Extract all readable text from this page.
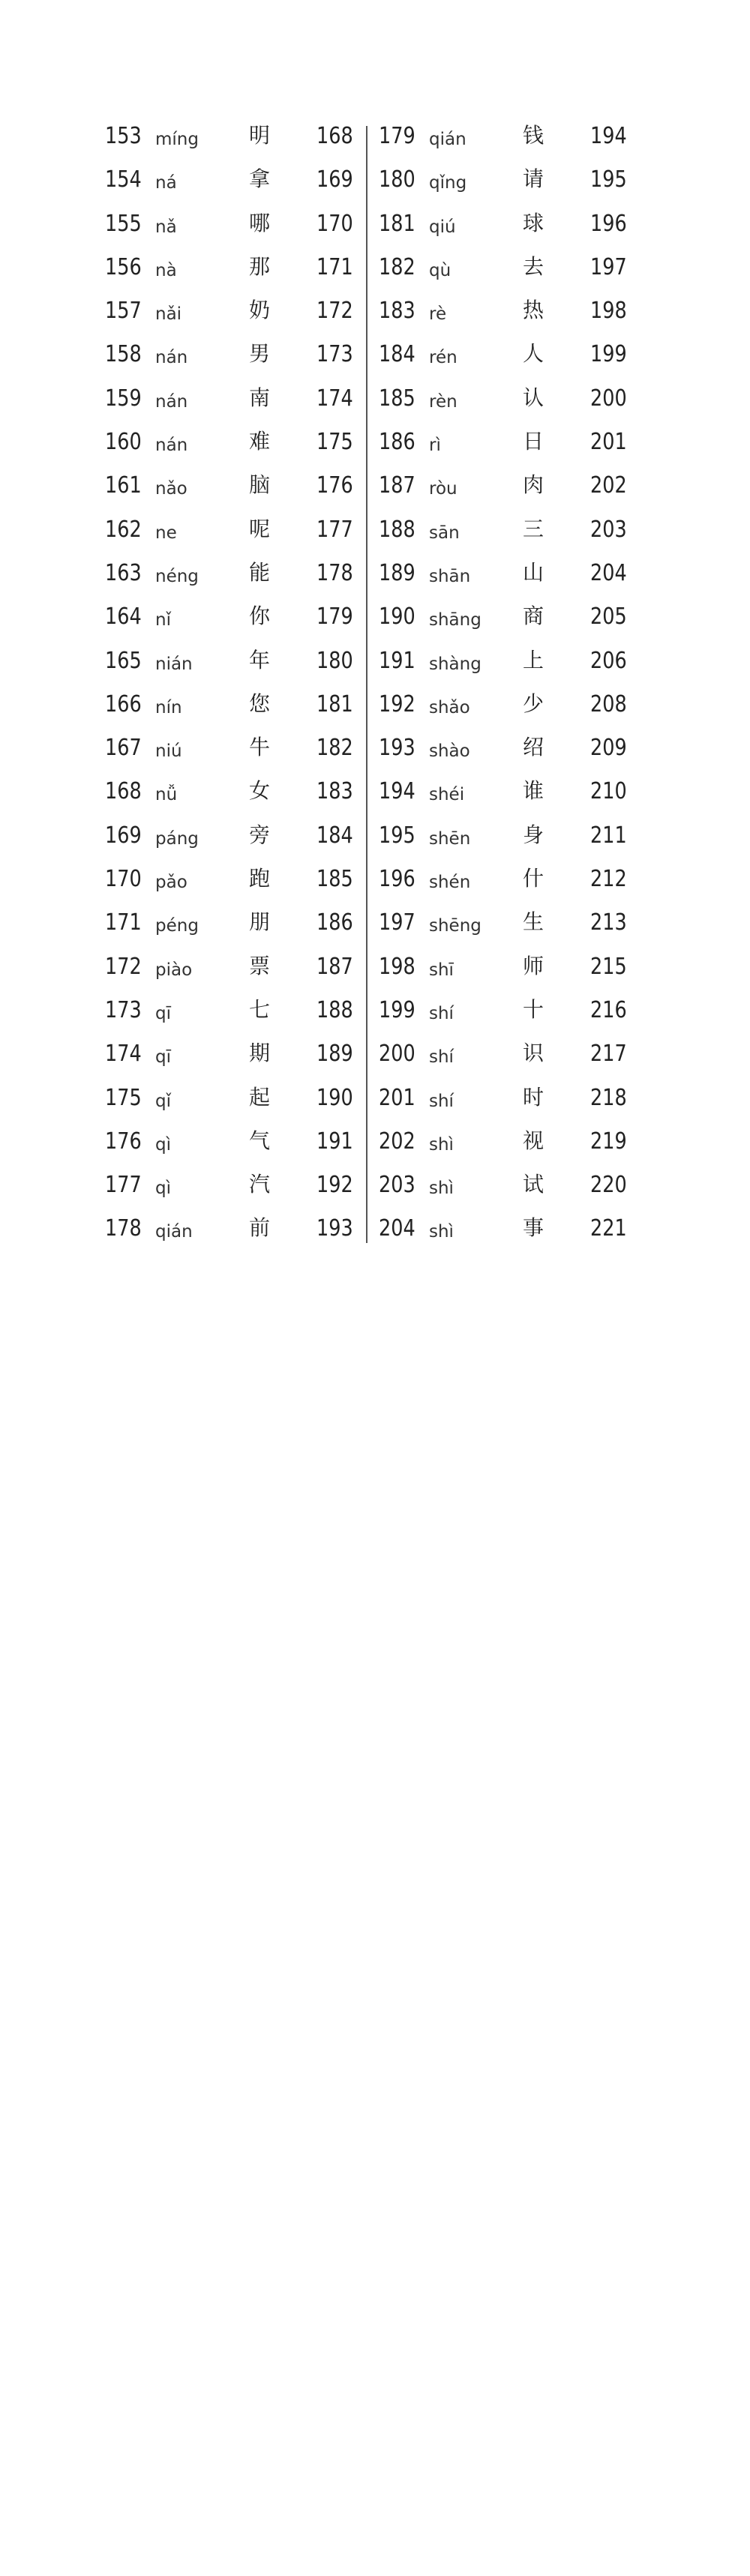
153 míng 明 168
154 ná	拿 169
155 nǎ	哪 170
156 nà	那 171
157 nǎi	奶 172
158 nán	男 173
159 nán	南 174
160 nán	难 175
161 nǎo	脑 176
162 ne	呢 177
163 néng 能 178
164 nǐ	你 179
165 nián	年 180
166 nín	您 181
167 niú	牛 182
168 nǚ	女 183
169 páng 旁 184
170 pǎo	跑 185
171 péng 朋 186
172 piào	票 187
173 qī	七 188
174 qī	期 189
175 qǐ	起 190
176 qì	气 191
177 qì	汽 192
178 qián	前 193
179 qián	钱 194
180 qǐng	请 195
181 qiú	球 196
182 qù	去 197
183 rè	热 198
184 rén	人 199
185 rèn	认 200
186 rì	日 201
187 ròu	肉 202
188 sān	三 203
189 shān 山 204
190 shāng 商 205
191 shàng 上 206
192 shǎo	少 208
193 shào	绍 209
194 shéi	谁 210
195 shēn 身 211
196 shén 什 212
197 shēng 生 213
198 shī	师 215
199 shí	十 216
200 shí	识 217
201 shí	时 218
202 shì	视 219
203 shì	试 220
204 shì	事 221
